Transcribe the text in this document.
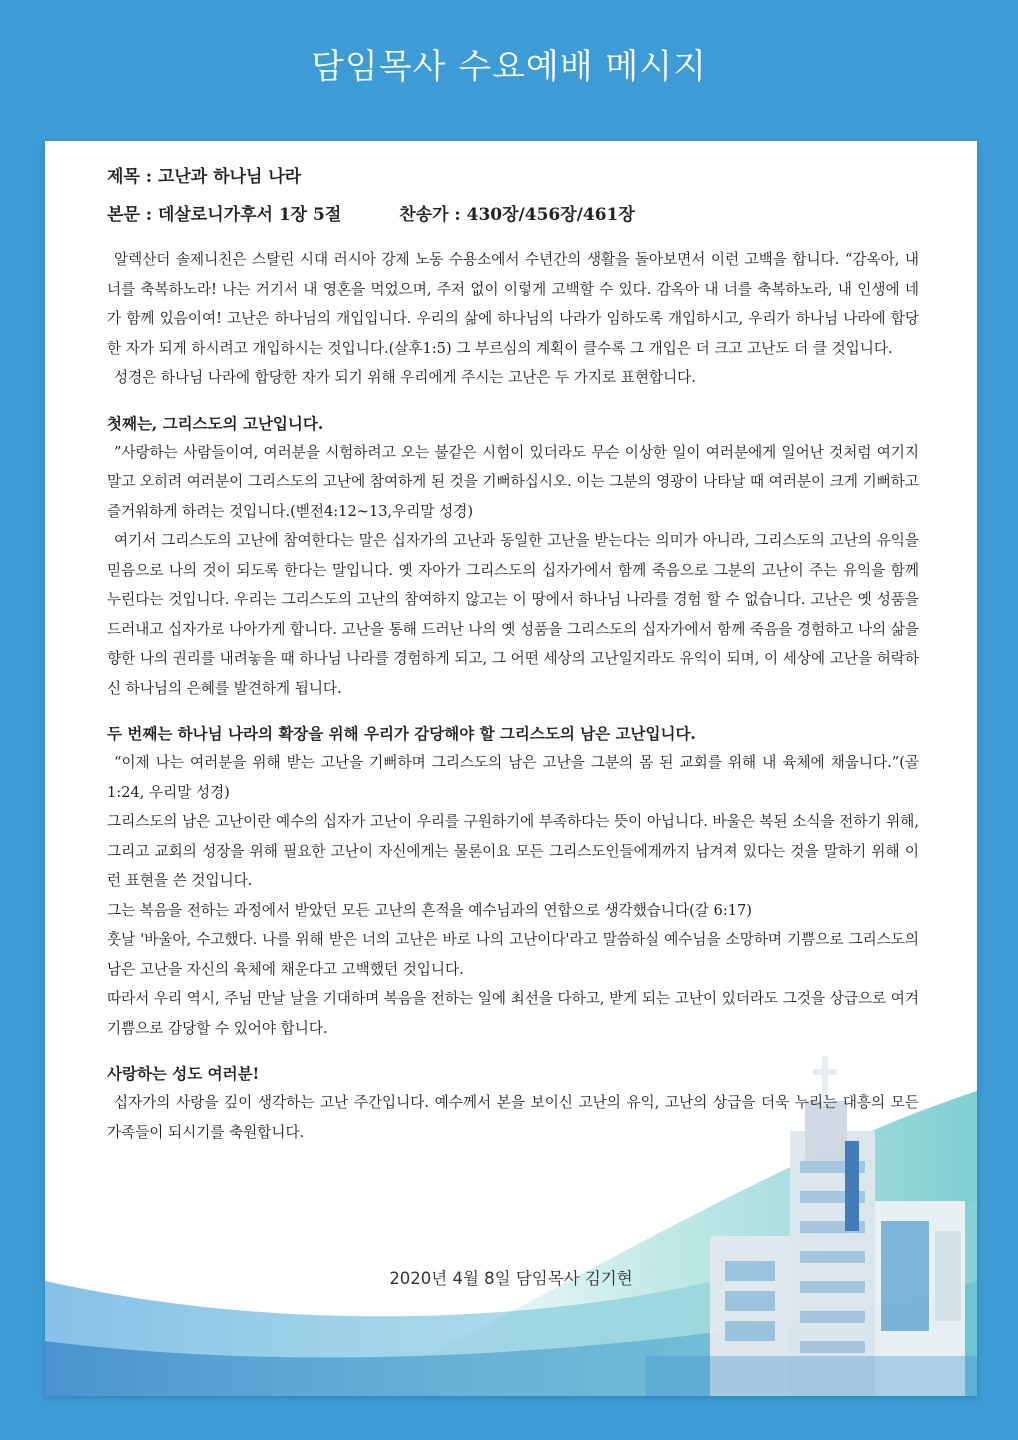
담임목사 수요예배 메시지

제목 : 고난과 하나님 나라

본문 : 데살로니가후서 1장 5절	찬송가 : 430장/456장/461장

알렉산더 솔제니친은 스탈린 시대 러시아 강제 노동 수용소에서 수년간의 생활을 돌아보면서 이런 고백을 합니다. “감옥아, 내 너를 축복하노라! 나는 거기서 내 영혼을 먹었으며, 주저 없이 이렇게 고백할 수 있다. 감옥아 내 너를 축복하노라, 내 인생에 네가 함께 있음이여! 고난은 하나님의 개입입니다. 우리의 삶에 하나님의 나라가 임하도록 개입하시고, 우리가 하나님 나라에 합당한 자가 되게 하시려고 개입하시는 것입니다.(살후1:5) 그 부르심의 계획이 클수록 그 개입은 더 크고 고난도 더 클 것입니다.

성경은 하나님 나라에 합당한 자가 되기 위해 우리에게 주시는 고난은 두 가지로 표현합니다.

첫째는, 그리스도의 고난입니다.

”사랑하는 사람들이여, 여러분을 시험하려고 오는 불같은 시험이 있더라도 무슨 이상한 일이 여러분에게 일어난 것처럼 여기지 말고 오히려 여러분이 그리스도의 고난에 참여하게 된 것을 기뻐하십시오. 이는 그분의 영광이 나타날 때 여러분이 크게 기뻐하고 즐거워하게 하려는 것입니다.(벧전4:12~13,우리말 성경)

여기서 그리스도의 고난에 참여한다는 말은 십자가의 고난과 동일한 고난을 받는다는 의미가 아니라, 그리스도의 고난의 유익을 믿음으로 나의 것이 되도록 한다는 말입니다. 옛 자아가 그리스도의 십자가에서 함께 죽음으로 그분의 고난이 주는 유익을 함께 누린다는 것입니다. 우리는 그리스도의 고난의 참여하지 않고는 이 땅에서 하나님 나라를 경험 할 수 없습니다. 고난은 옛 성품을 드러내고 십자가로 나아가게 합니다. 고난을 통해 드러난 나의 옛 성품을 그리스도의 십자가에서 함께 죽음을 경험하고 나의 삶을 향한 나의 권리를 내려놓을 때 하나님 나라를 경험하게 되고, 그 어떤 세상의 고난일지라도 유익이 되며, 이 세상에 고난을 허락하신 하나님의 은혜를 발견하게 됩니다.

두 번째는 하나님 나라의 확장을 위해 우리가 감당해야 할 그리스도의 남은 고난입니다.

“이제 나는 여러분을 위해 받는 고난을 기뻐하며 그리스도의 남은 고난을 그분의 몸 된 교회를 위해 내 육체에 채웁니다.”(골1:24, 우리말 성경)

그리스도의 남은 고난이란 예수의 십자가 고난이 우리를 구원하기에 부족하다는 뜻이 아닙니다. 바울은 복된 소식을 전하기 위해, 그리고 교회의 성장을 위해 필요한 고난이 자신에게는 물론이요 모든 그리스도인들에게까지 남겨져 있다는 것을 말하기 위해 이런 표현을 쓴 것입니다.

그는 복음을 전하는 과정에서 받았던 모든 고난의 흔적을 예수님과의 연합으로 생각했습니다(갈 6:17)

훗날 '바울아, 수고했다. 나를 위해 받은 너의 고난은 바로 나의 고난이다'라고 말씀하실 예수님을 소망하며 기쁨으로 그리스도의 남은 고난을 자신의 육체에 채운다고 고백했던 것입니다.

따라서 우리 역시, 주님 만날 날을 기대하며 복음을 전하는 일에 최선을 다하고, 받게 되는 고난이 있더라도 그것을 상급으로 여겨 기쁨으로 감당할 수 있어야 합니다.

사랑하는 성도 여러분!

십자가의 사랑을 깊이 생각하는 고난 주간입니다. 예수께서 본을 보이신 고난의 유익, 고난의 상급을 더욱 누리는 대흥의 모든 가족들이 되시기를 축원합니다.

2020년 4월 8일 담임목사 김기현
